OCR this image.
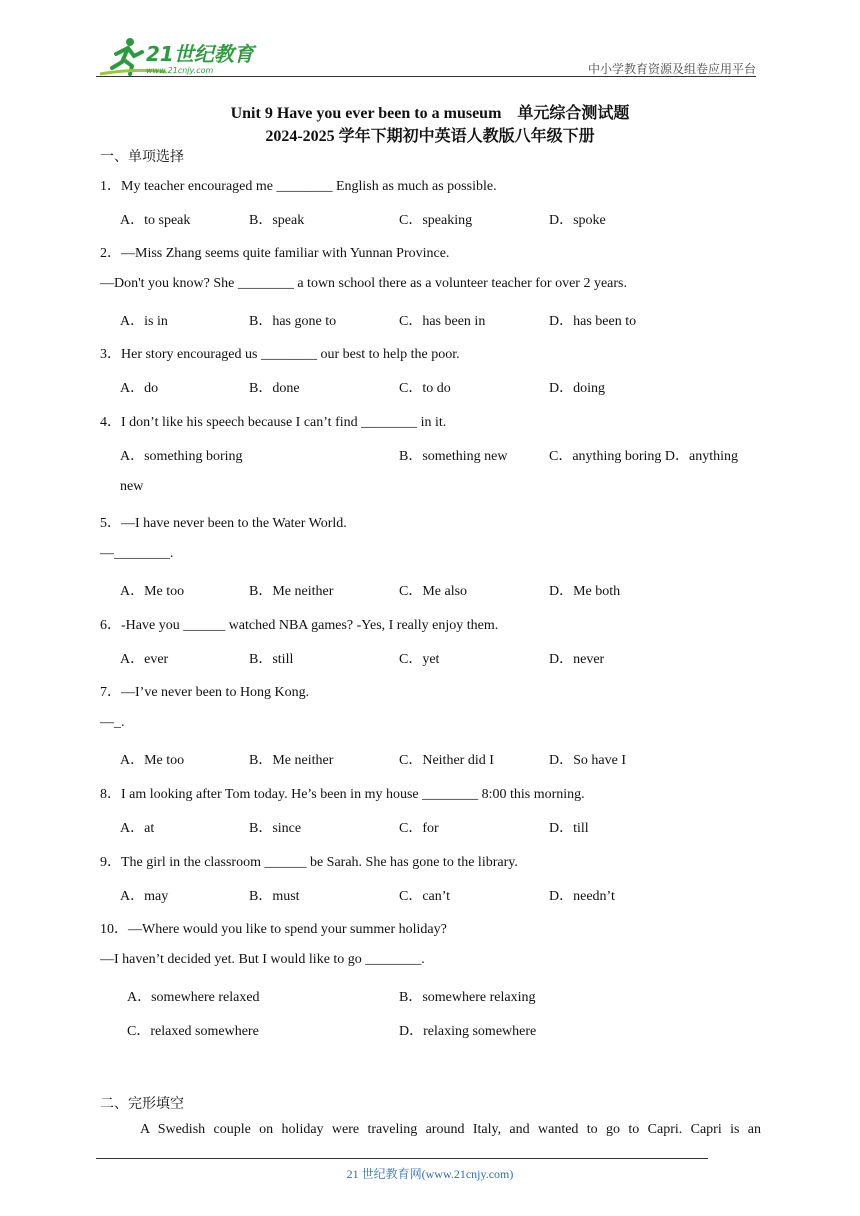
21世纪教育
www.21cnjy.com	中小学教育资源及组卷应用平台
Unit 9 Have you ever been to a museum　单元综合测试题
2024-2025 学年下期初中英语人教版八年级下册
一、单项选择
1．My teacher encouraged me ________ English as much as possible.
A．to speak	B．speak	C．speaking	D．spoke
2．—Miss Zhang seems quite familiar with Yunnan Province.
—Don't you know? She ________ a town school there as a volunteer teacher for over 2 years.
A．is in	B．has gone to	C．has been in	D．has been to
3．Her story encouraged us ________ our best to help the poor.
A．do	B．done	C．to do	D．doing
4．I don’t like his speech because I can’t find ________ in it.
A．something boring	B．something new	C．anything boring D．anything
new
5．—I have never been to the Water World.
—________.
A．Me too	B．Me neither	C．Me also	D．Me both
6．-Have you ______ watched NBA games? -Yes, I really enjoy them.
A．ever	B．still	C．yet	D．never
7．—I’ve never been to Hong Kong.
—_.
A．Me too	B．Me neither	C．Neither did I	D．So have I
8．I am looking after Tom today. He’s been in my house ________ 8:00 this morning.
A．at	B．since	C．for	D．till
9．The girl in the classroom ______ be Sarah. She has gone to the library.
A．may	B．must	C．can’t	D．needn’t
10．—Where would you like to spend your summer holiday?
—I haven’t decided yet. But I would like to go ________.
A．somewhere relaxed	B．somewhere relaxing
C．relaxed somewhere	D．relaxing somewhere
二、完形填空
A Swedish couple on holiday were traveling around Italy, and wanted to go to Capri. Capri is an
21 世纪教育网(www.21cnjy.com)
